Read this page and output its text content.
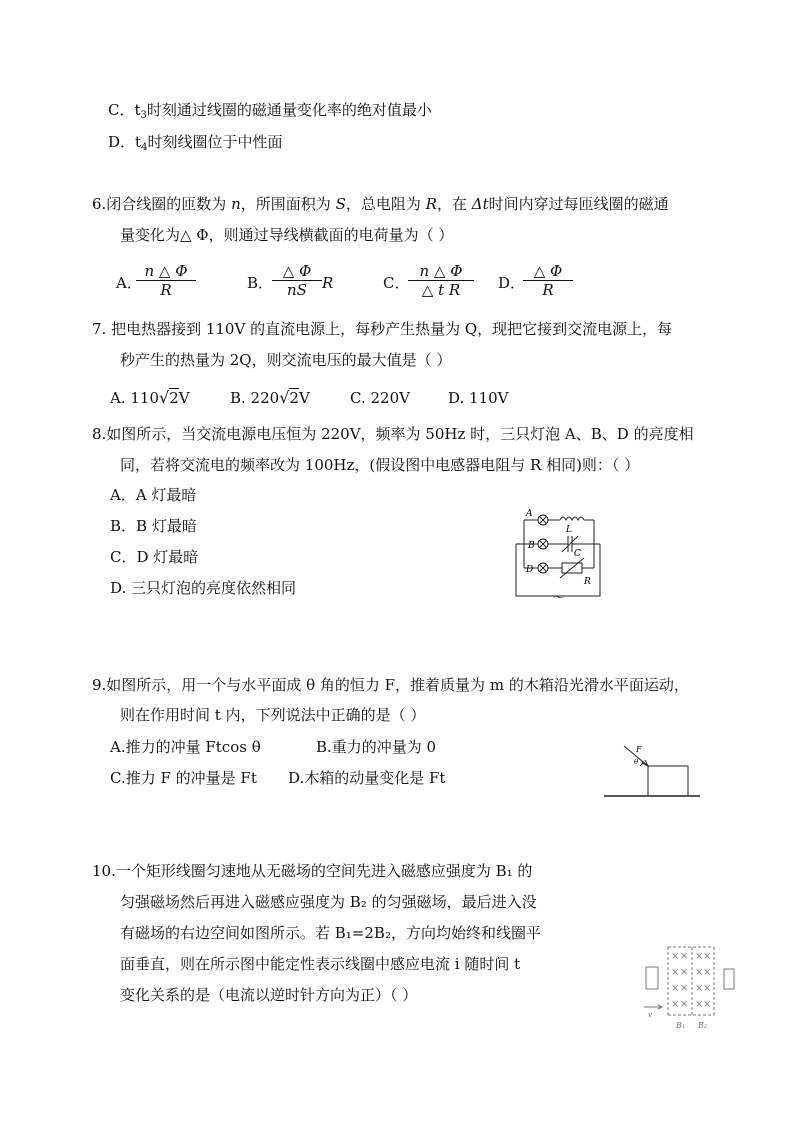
C．$t_3$时刻通过线圈的磁通量变化率的绝对值最小
D．$t_4$时刻线圈位于中性面
6.闭合线圈的匝数为 n，所围面积为 S，总电阻为 R，在 Δt时间内穿过每匝线圈的磁通
量变化为△ Φ，则通过导线横截面的电荷量为（ ）
A．
n △ Φ
R	B．
△ Φ
nS	R	C．
n △ Φ
△ t R	D．
△ Φ
R
7. 把电热器接到 110V 的直流电源上，每秒产生热量为 Q，现把它接到交流电源上，每
秒产生的热量为 2Q，则交流电压的最大值是（ ）
A. 110√2V	B. 220√2V	C. 220V	D. 110V
8.如图所示，当交流电源电压恒为 220V，频率为 50Hz 时，三只灯泡 A、B、D 的亮度相
同，若将交流电的频率改为 100Hz，(假设图中电感器电阻与 R 相同)则：（ ）
A．A 灯最暗
B．B 灯最暗
C．D 灯最暗
D. 三只灯泡的亮度依然相同
A
B
D
L
C
R
～
9.如图所示，用一个与水平面成 θ 角的恒力 F，推着质量为 m 的木箱沿光滑水平面运动，
则在作用时间 t 内，下列说法中正确的是（ ）
A.推力的冲量 Ftcos θ	B.重力的冲量为 0
C.推力 F 的冲量是 Ft D.木箱的动量变化是 Ft
F
θ
10.一个矩形线圈匀速地从无磁场的空间先进入磁感应强度为 B₁ 的
匀强磁场然后再进入磁感应强度为 B₂ 的匀强磁场，最后进入没
有磁场的右边空间如图所示。若 B₁=2B₂，方向均始终和线圈平
面垂直，则在所示图中能定性表示线圈中感应电流 i 随时间 t
变化关系的是（电流以逆时针方向为正）（ ）
× × × ×
× × × ×
× × × ×
× × × ×
v
B₁ B₂
